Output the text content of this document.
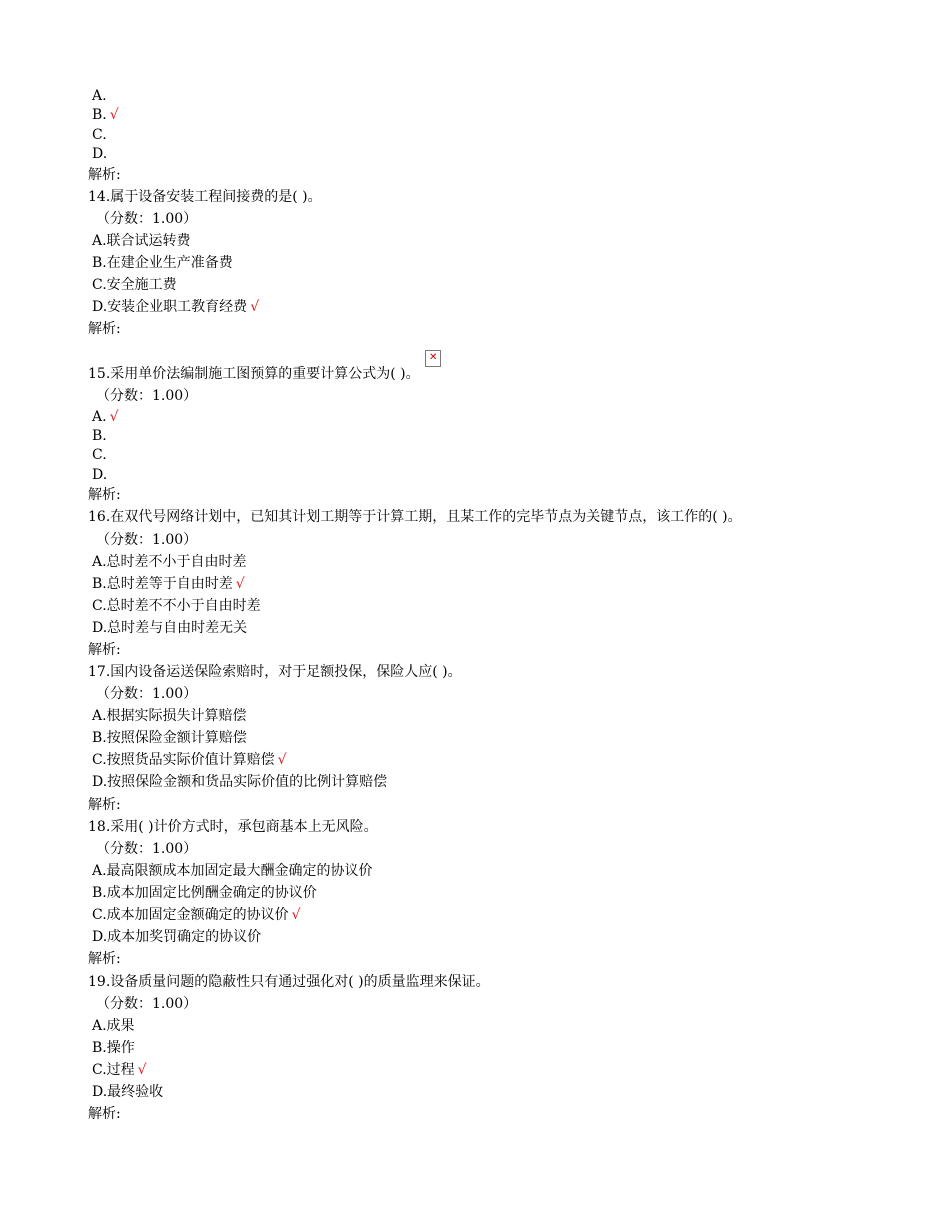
A.
B. √
C.
D.
解析:
14.属于设备安装工程间接费的是( )。
（分数：1.00）
A.联合试运转费
B.在建企业生产准备费
C.安全施工费
D.安装企业职工教育经费 √
解析:
✕
15.采用单价法编制施工图预算的重要计算公式为( )。
（分数：1.00）
A. √
B.
C.
D.
解析:
16.在双代号网络计划中，已知其计划工期等于计算工期，且某工作的完毕节点为关键节点，该工作的( )。
（分数：1.00）
A.总时差不小于自由时差
B.总时差等于自由时差 √
C.总时差不不小于自由时差
D.总时差与自由时差无关
解析:
17.国内设备运送保险索赔时，对于足额投保，保险人应( )。
（分数：1.00）
A.根据实际损失计算赔偿
B.按照保险金额计算赔偿
C.按照货品实际价值计算赔偿 √
D.按照保险金额和货品实际价值的比例计算赔偿
解析:
18.采用( )计价方式时，承包商基本上无风险。
（分数：1.00）
A.最高限额成本加固定最大酬金确定的协议价
B.成本加固定比例酬金确定的协议价
C.成本加固定金额确定的协议价 √
D.成本加奖罚确定的协议价
解析:
19.设备质量问题的隐蔽性只有通过强化对( )的质量监理来保证。
（分数：1.00）
A.成果
B.操作
C.过程 √
D.最终验收
解析:
